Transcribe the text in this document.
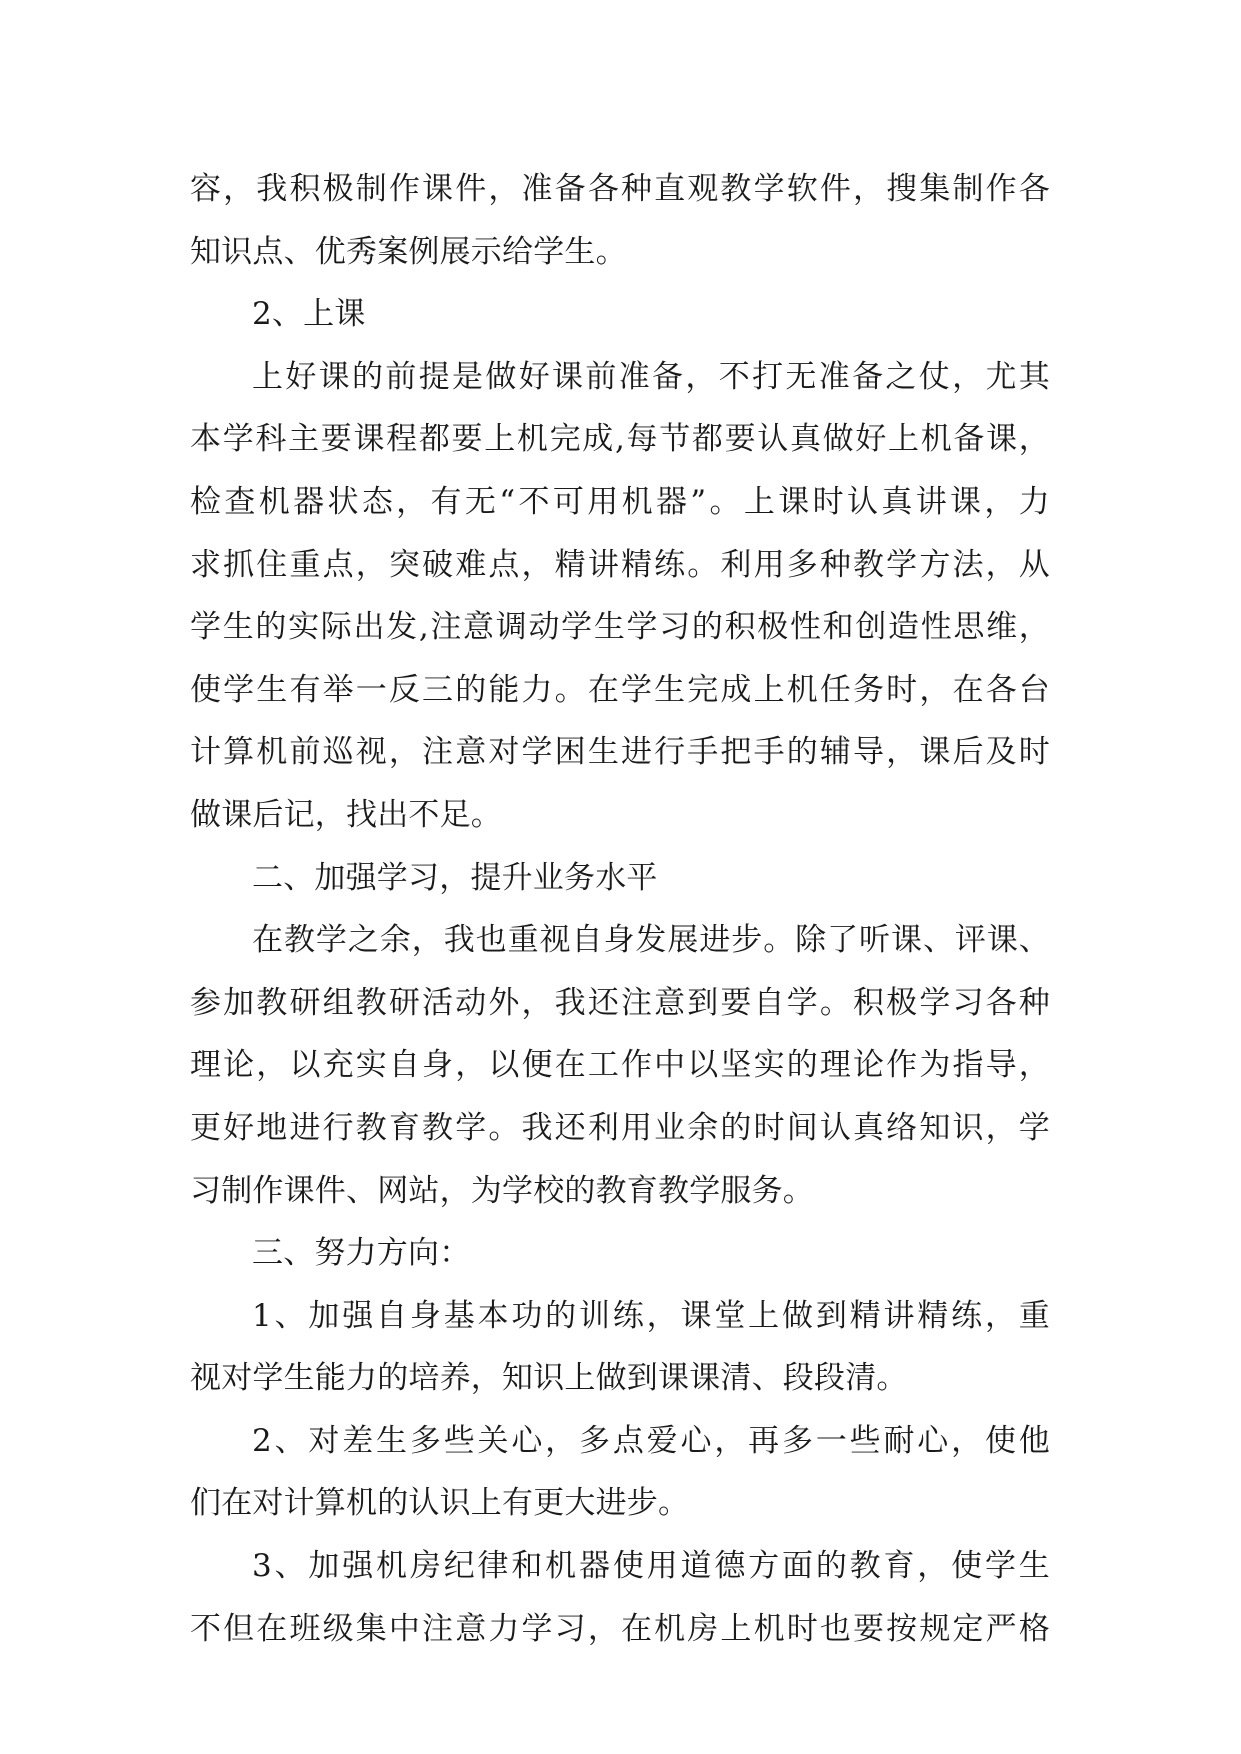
容，我积极制作课件，准备各种直观教学软件，搜集制作各
知识点、优秀案例展示给学生。
2、上课
上好课的前提是做好课前准备，不打无准备之仗，尤其
本学科主要课程都要上机完成,每节都要认真做好上机备课，
检查机器状态，有无“不可用机器”。上课时认真讲课，力
求抓住重点，突破难点，精讲精练。利用多种教学方法，从
学生的实际出发,注意调动学生学习的积极性和创造性思维，
使学生有举一反三的能力。在学生完成上机任务时，在各台
计算机前巡视，注意对学困生进行手把手的辅导，课后及时
做课后记，找出不足。
二、加强学习，提升业务水平
在教学之余，我也重视自身发展进步。除了听课、评课、
参加教研组教研活动外，我还注意到要自学。积极学习各种
理论，以充实自身，以便在工作中以坚实的理论作为指导，
更好地进行教育教学。我还利用业余的时间认真络知识，学
习制作课件、网站，为学校的教育教学服务。
三、努力方向：
1、加强自身基本功的训练，课堂上做到精讲精练，重
视对学生能力的培养，知识上做到课课清、段段清。
2、对差生多些关心，多点爱心，再多一些耐心，使他
们在对计算机的认识上有更大进步。
3、加强机房纪律和机器使用道德方面的教育，使学生
不但在班级集中注意力学习，在机房上机时也要按规定严格
